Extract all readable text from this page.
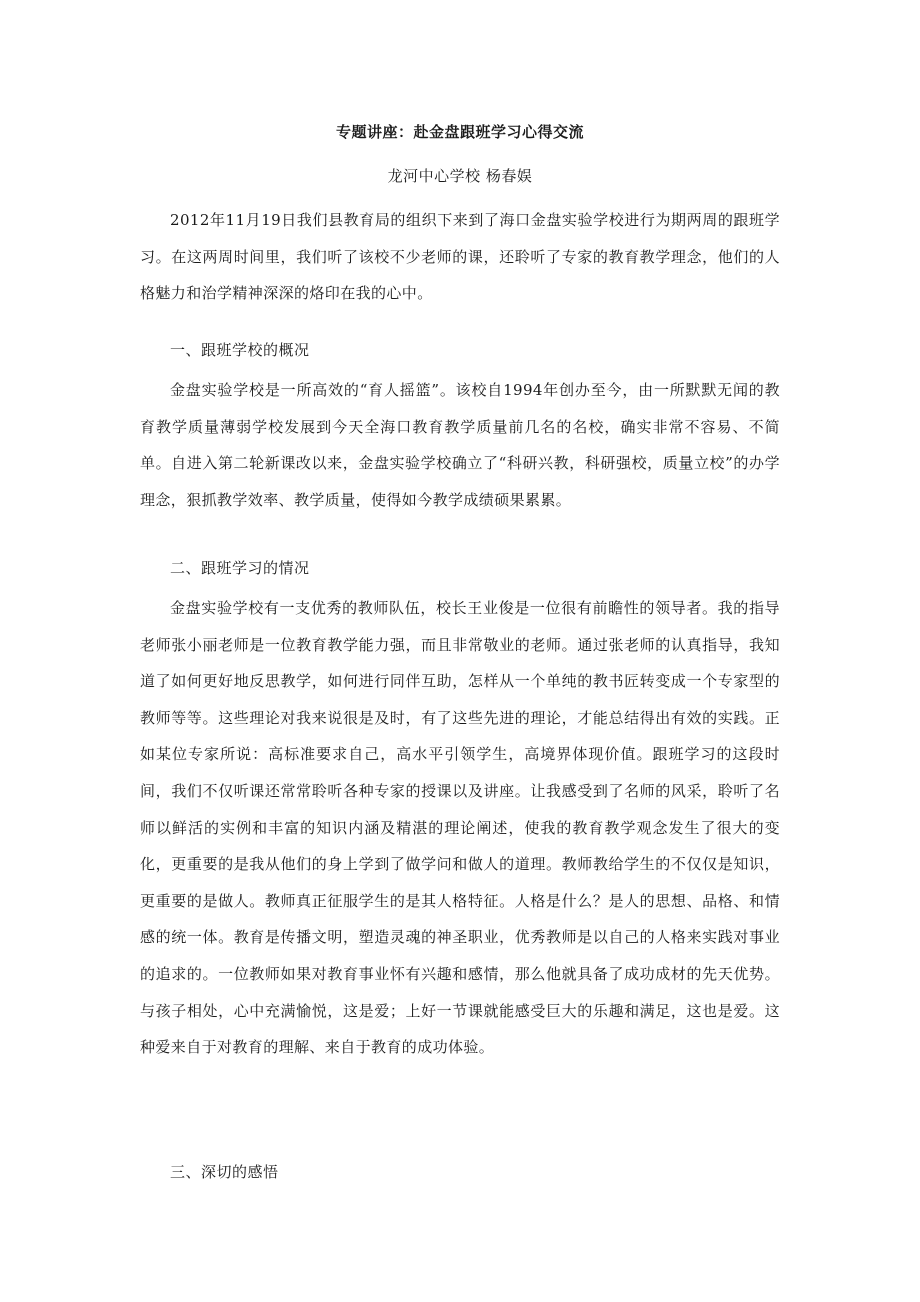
专题讲座：赴金盘跟班学习心得交流
龙河中心学校 杨春娱

2012年11月19日我们县教育局的组织下来到了海口金盘实验学校进行为期两周的跟班学习。在这两周时间里，我们听了该校不少老师的课，还聆听了专家的教育教学理念，他们的人格魅力和治学精神深深的烙印在我的心中。

一、跟班学校的概况

金盘实验学校是一所高效的“育人摇篮”。该校自1994年创办至今，由一所默默无闻的教育教学质量薄弱学校发展到今天全海口教育教学质量前几名的名校，确实非常不容易、不简单。自进入第二轮新课改以来，金盘实验学校确立了“科研兴教，科研强校，质量立校”的办学理念，狠抓教学效率、教学质量，使得如今教学成绩硕果累累。

二、跟班学习的情况

金盘实验学校有一支优秀的教师队伍，校长王业俊是一位很有前瞻性的领导者。我的指导老师张小丽老师是一位教育教学能力强，而且非常敬业的老师。通过张老师的认真指导，我知道了如何更好地反思教学，如何进行同伴互助，怎样从一个单纯的教书匠转变成一个专家型的教师等等。这些理论对我来说很是及时，有了这些先进的理论，才能总结得出有效的实践。正如某位专家所说：高标准要求自己，高水平引领学生，高境界体现价值。跟班学习的这段时间，我们不仅听课还常常聆听各种专家的授课以及讲座。让我感受到了名师的风采，聆听了名师以鲜活的实例和丰富的知识内涵及精湛的理论阐述，使我的教育教学观念发生了很大的变化，更重要的是我从他们的身上学到了做学问和做人的道理。教师教给学生的不仅仅是知识，更重要的是做人。教师真正征服学生的是其人格特征。人格是什么？是人的思想、品格、和情感的统一体。教育是传播文明，塑造灵魂的神圣职业，优秀教师是以自己的人格来实践对事业的追求的。一位教师如果对教育事业怀有兴趣和感情，那么他就具备了成功成材的先天优势。与孩子相处，心中充满愉悦，这是爱；上好一节课就能感受巨大的乐趣和满足，这也是爱。这种爱来自于对教育的理解、来自于教育的成功体验。

三、深切的感悟
